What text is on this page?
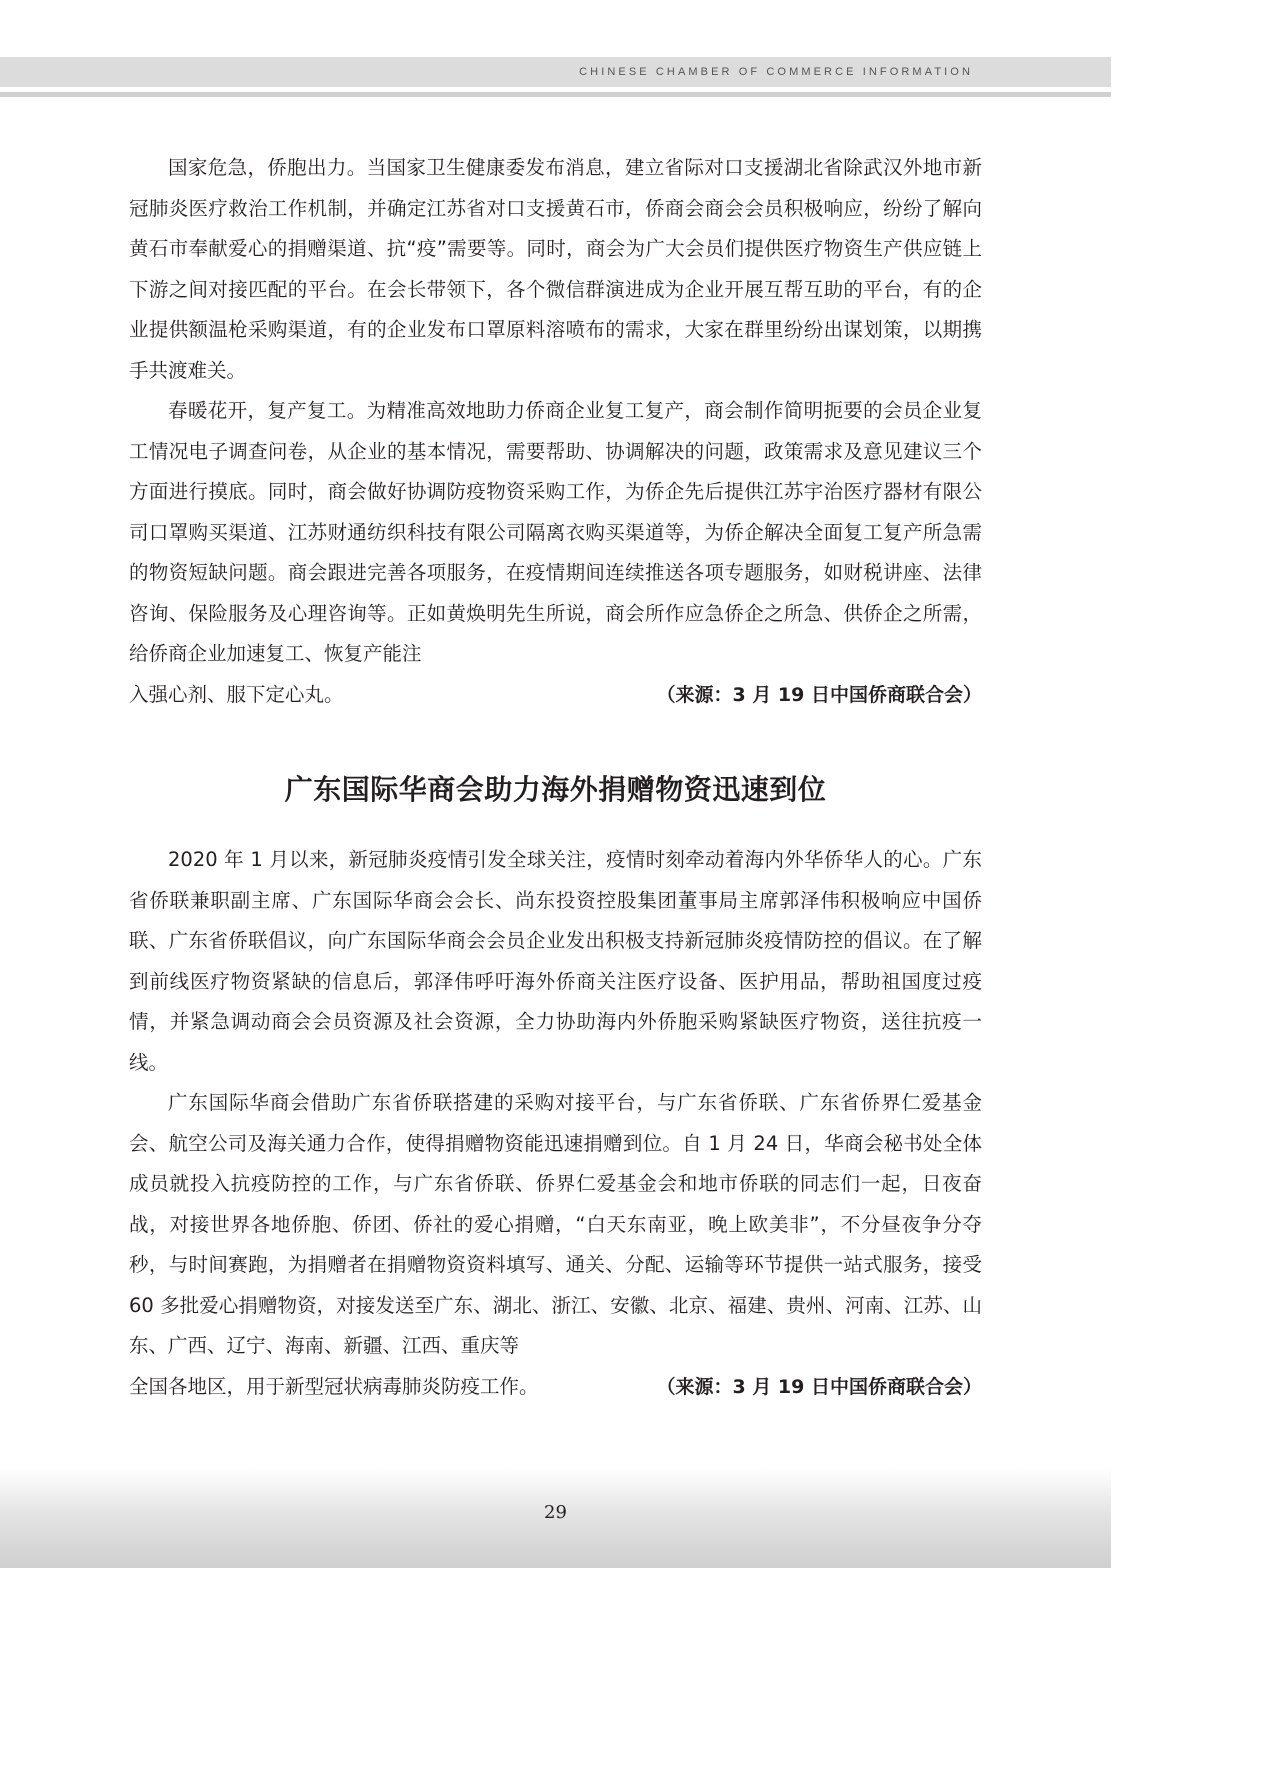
CHINESE CHAMBER OF COMMERCE INFORMATION

国家危急，侨胞出力。当国家卫生健康委发布消息，建立省际对口支援湖北省除武汉外地市新冠肺炎医疗救治工作机制，并确定江苏省对口支援黄石市，侨商会商会会员积极响应，纷纷了解向黄石市奉献爱心的捐赠渠道、抗“疫”需要等。同时，商会为广大会员们提供医疗物资生产供应链上下游之间对接匹配的平台。在会长带领下，各个微信群演进成为企业开展互帮互助的平台，有的企业提供额温枪采购渠道，有的企业发布口罩原料溶喷布的需求，大家在群里纷纷出谋划策，以期携手共渡难关。

春暖花开，复产复工。为精准高效地助力侨商企业复工复产，商会制作简明扼要的会员企业复工情况电子调查问卷，从企业的基本情况，需要帮助、协调解决的问题，政策需求及意见建议三个方面进行摸底。同时，商会做好协调防疫物资采购工作，为侨企先后提供江苏宇治医疗器材有限公司口罩购买渠道、江苏财通纺织科技有限公司隔离衣购买渠道等，为侨企解决全面复工复产所急需的物资短缺问题。商会跟进完善各项服务，在疫情期间连续推送各项专题服务，如财税讲座、法律咨询、保险服务及心理咨询等。正如黄焕明先生所说，商会所作应急侨企之所急、供侨企之所需，给侨商企业加速复工、恢复产能注

入强心剂、服下定心丸。	（来源：3 月 19 日中国侨商联合会）
广东国际华商会助力海外捐赠物资迅速到位

2020 年 1 月以来，新冠肺炎疫情引发全球关注，疫情时刻牵动着海内外华侨华人的心。广东省侨联兼职副主席、广东国际华商会会长、尚东投资控股集团董事局主席郭泽伟积极响应中国侨联、广东省侨联倡议，向广东国际华商会会员企业发出积极支持新冠肺炎疫情防控的倡议。在了解到前线医疗物资紧缺的信息后，郭泽伟呼吁海外侨商关注医疗设备、医护用品，帮助祖国度过疫情，并紧急调动商会会员资源及社会资源，全力协助海内外侨胞采购紧缺医疗物资，送往抗疫一线。

广东国际华商会借助广东省侨联搭建的采购对接平台，与广东省侨联、广东省侨界仁爱基金会、航空公司及海关通力合作，使得捐赠物资能迅速捐赠到位。自 1 月 24 日，华商会秘书处全体成员就投入抗疫防控的工作，与广东省侨联、侨界仁爱基金会和地市侨联的同志们一起，日夜奋战，对接世界各地侨胞、侨团、侨社的爱心捐赠，“白天东南亚，晚上欧美非”，不分昼夜争分夺秒，与时间赛跑，为捐赠者在捐赠物资资料填写、通关、分配、运输等环节提供一站式服务，接受 60 多批爱心捐赠物资，对接发送至广东、湖北、浙江、安徽、北京、福建、贵州、河南、江苏、山东、广西、辽宁、海南、新疆、江西、重庆等

全国各地区，用于新型冠状病毒肺炎防疫工作。	（来源：3 月 19 日中国侨商联合会）
29
